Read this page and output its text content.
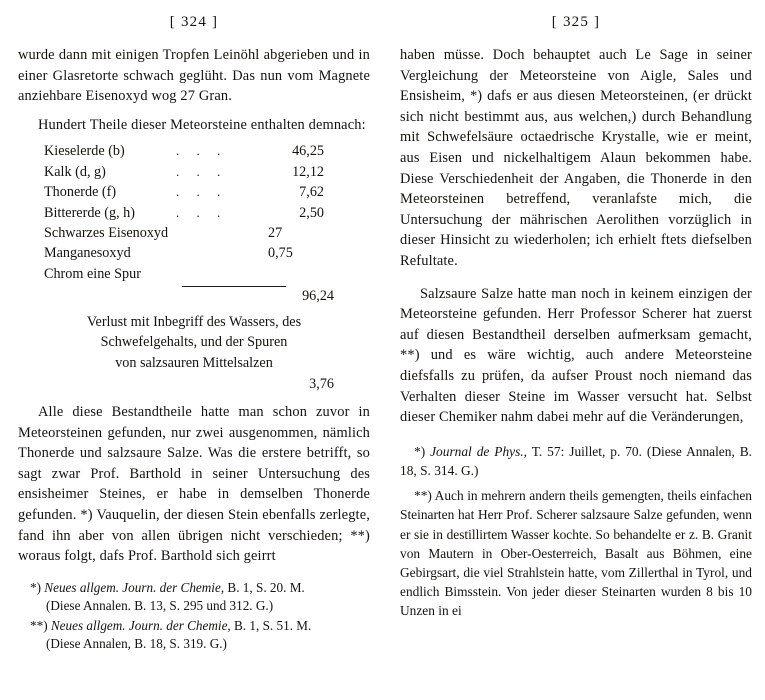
[ 324 ]

wurde dann mit einigen Tropfen Leinöhl abgerieben und in einer Glasretorte schwach geglüht. Das nun vom Magnete anziehbare Eisenoxyd wog 27 Gran.

Hundert Theile dieser Meteorsteine enthalten demnach:

Kieselerde (b)	. . .	46,25
Kalk (d, g)	. . .	12,12
Thonerde (f)	. . .	7,62
Bittererde (g, h)	. . .	2,50
Schwarzes Eisenoxyd	27
Manganesoxyd	0,75
Chrom eine Spur
96,24
Verlust mit Inbegriff des Wassers, des
Schwefelgehalts, und der Spuren
von salzsauren Mittelsalzen
3,76

Alle diese Bestandtheile hatte man schon zuvor in Meteorsteinen gefunden, nur zwei ausgenommen, nämlich Thonerde und salzsaure Salze. Was die erstere betrifft, so sagt zwar Prof. Barthold in seiner Untersuchung des ensisheimer Steines, er habe in demselben Thonerde gefunden. *) Vauquelin, der diesen Stein ebenfalls zerlegte, fand ihn aber von allen übrigen nicht verschieden; **) woraus folgt, dafs Prof. Barthold sich geirrt

*) Neues allgem. Journ. der Chemie, B. 1, S. 20. M.
(Diese Annalen. B. 13, S. 295 und 312. G.)

**) Neues allgem. Journ. der Chemie, B. 1, S. 51. M.
(Diese Annalen, B. 18, S. 319. G.)

[ 325 ]

haben müsse. Doch behauptet auch Le Sage in seiner Vergleichung der Meteorsteine von Aigle, Sales und Ensisheim, *) dafs er aus diesen Meteorsteinen, (er drückt sich nicht bestimmt aus, aus welchen,) durch Behandlung mit Schwefelsäure octaedrische Krystalle, wie er meint, aus Eisen und nickelhaltigem Alaun bekommen habe. Diese Verschiedenheit der Angaben, die Thonerde in den Meteorsteinen betreffend, veranlafste mich, die Untersuchung der mährischen Aerolithen vorzüglich in dieser Hinsicht zu wiederholen; ich erhielt ftets diefselben Refultate.

Salzsaure Salze hatte man noch in keinem einzigen der Meteorsteine gefunden. Herr Professor Scherer hat zuerst auf diesen Bestandtheil derselben aufmerksam gemacht, **) und es wäre wichtig, auch andere Meteorsteine diefsfalls zu prüfen, da aufser Proust noch niemand das Verhalten dieser Steine im Wasser versucht hat. Selbst dieser Chemiker nahm dabei mehr auf die Veränderungen,

*) Journal de Phys., T. 57: Juillet, p. 70. (Diese Annalen, B. 18, S. 314. G.)

**) Auch in mehrern andern theils gemengten, theils einfachen Steinarten hat Herr Prof. Scherer salzsaure Salze gefunden, wenn er sie in destillirtem Wasser kochte. So behandelte er z. B. Granit von Mautern in Ober-Oesterreich, Basalt aus Böhmen, eine Gebirgsart, die viel Strahlstein hatte, vom Zillerthal in Tyrol, und endlich Bimsstein. Von jeder dieser Steinarten wurden 8 bis 10 Unzen in ei
